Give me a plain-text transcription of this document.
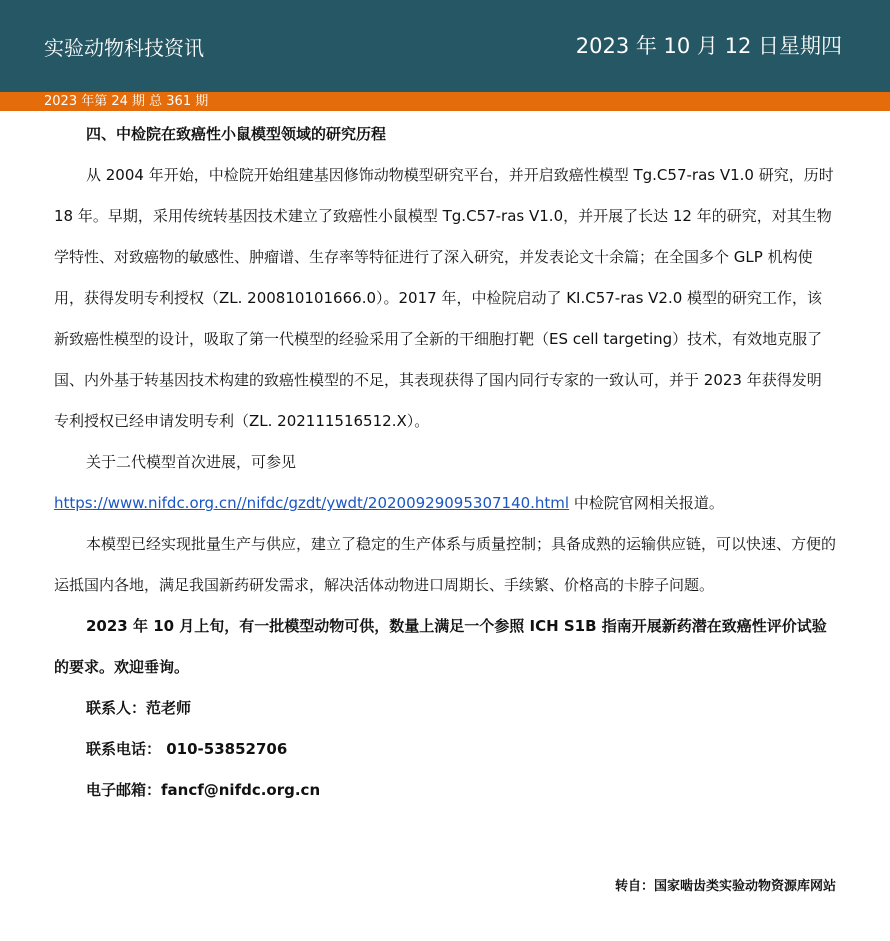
实验动物科技资讯	2023 年 10 月 12 日星期四
2023 年第 24 期 总 361 期

四、中检院在致癌性小鼠模型领域的研究历程

从 2004 年开始，中检院开始组建基因修饰动物模型研究平台，并开启致癌性模型 Tg.C57-ras V1.0 研究，历时 18 年。早期，采用传统转基因技术建立了致癌性小鼠模型 Tg.C57-ras V1.0，并开展了长达 12 年的研究，对其生物学特性、对致癌物的敏感性、肿瘤谱、生存率等特征进行了深入研究，并发表论文十余篇；在全国多个 GLP 机构使用，获得发明专利授权（ZL. 200810101666.0）。2017 年，中检院启动了 KI.C57-ras V2.0 模型的研究工作，该新致癌性模型的设计，吸取了第一代模型的经验采用了全新的干细胞打靶（ES cell targeting）技术，有效地克服了国、内外基于转基因技术构建的致癌性模型的不足，其表现获得了国内同行专家的一致认可，并于 2023 年获得发明专利授权已经申请发明专利（ZL. 202111516512.X）。

关于二代模型首次进展，可参见

https://www.nifdc.org.cn//nifdc/gzdt/ywdt/20200929095307140.html 中检院官网相关报道。

本模型已经实现批量生产与供应，建立了稳定的生产体系与质量控制；具备成熟的运输供应链，可以快速、方便的运抵国内各地，满足我国新药研发需求，解决活体动物进口周期长、手续繁、价格高的卡脖子问题。

2023 年 10 月上旬，有一批模型动物可供，数量上满足一个参照 ICH S1B 指南开展新药潜在致癌性评价试验的要求。欢迎垂询。

联系人：范老师

联系电话： 010-53852706

电子邮箱：fancf@nifdc.org.cn

转自：国家啮齿类实验动物资源库网站
